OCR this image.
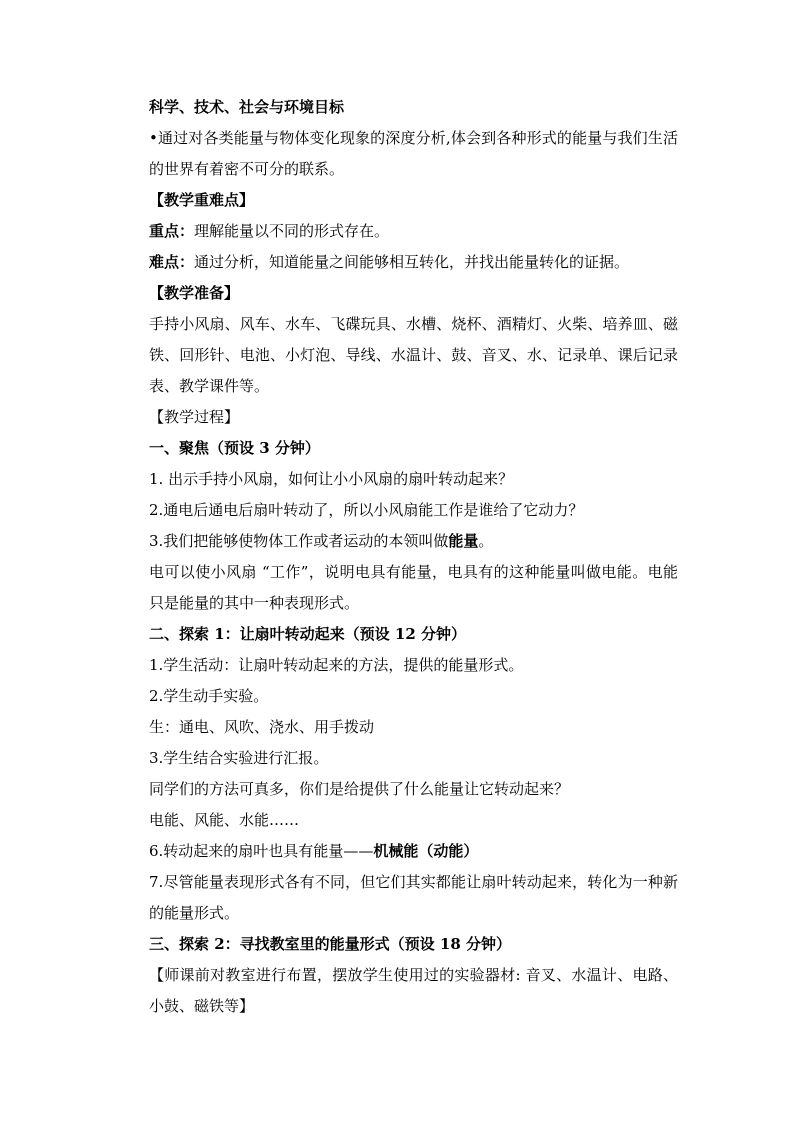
科学、技术、社会与环境目标
•通过对各类能量与物体变化现象的深度分析,体会到各种形式的能量与我们生活的世界有着密不可分的联系。
【教学重难点】
重点：理解能量以不同的形式存在。
难点：通过分析，知道能量之间能够相互转化，并找出能量转化的证据。
【教学准备】
手持小风扇、风车、水车、飞碟玩具、水槽、烧杯、酒精灯、火柴、培养皿、磁铁、回形针、电池、小灯泡、导线、水温计、鼓、音叉、水、记录单、课后记录表、教学课件等。
【教学过程】
一、聚焦（预设 3 分钟）
1. 出示手持小风扇，如何让小小风扇的扇叶转动起来？
2.通电后通电后扇叶转动了，所以小风扇能工作是谁给了它动力？
3.我们把能够使物体工作或者运动的本领叫做能量。
电可以使小风扇 “工作”，说明电具有能量，电具有的这种能量叫做电能。电能只是能量的其中一种表现形式。
二、探索 1：让扇叶转动起来（预设 12 分钟）
1.学生活动：让扇叶转动起来的方法，提供的能量形式。
2.学生动手实验。
生：通电、风吹、浇水、用手拨动
3.学生结合实验进行汇报。
同学们的方法可真多，你们是给提供了什么能量让它转动起来？
电能、风能、水能……
6.转动起来的扇叶也具有能量——机械能（动能）
7.尽管能量表现形式各有不同，但它们其实都能让扇叶转动起来，转化为一种新的能量形式。
三、探索 2：寻找教室里的能量形式（预设 18 分钟）
【师课前对教室进行布置，摆放学生使用过的实验器材: 音叉、水温计、电路、小鼓、磁铁等】
